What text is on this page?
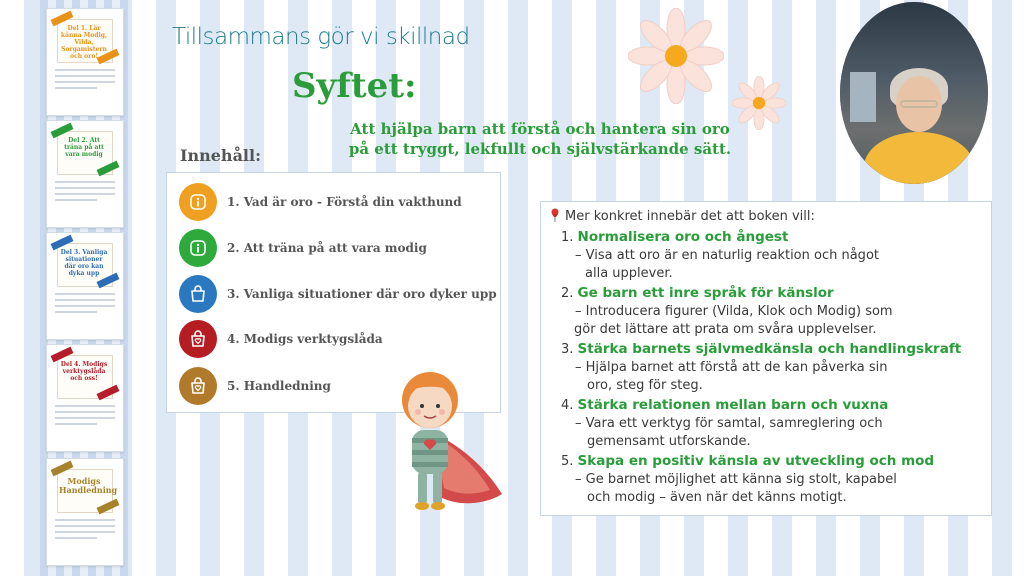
Del 1. Lär känna Modig, Vilda, Sorgamistern och oro!
Del 2. Att träna på att vara modig
Del 3. Vanliga situationer där oro kan dyka upp
Del 4. Modigs verktygslåda och oss!
Modigs Handledning
Tillsammans gör vi skillnad
Syftet:
Att hjälpa barn att förstå och hantera sin oro
på ett tryggt, lekfullt och självstärkande sätt.
Innehåll:
1. Vad är oro - Förstå din vakthund
2. Att träna på att vara modig
3. Vanliga situationer där oro dyker upp
4. Modigs verktygslåda
5. Handledning
Mer konkret innebär det att boken vill:
1. Normalisera oro och ångest
– Visa att oro är en naturlig reaktion och något
alla upplever.
2. Ge barn ett inre språk för känslor
– Introducera figurer (Vilda, Klok och Modig) som
gör det lättare att prata om svåra upplevelser.
3. Stärka barnets självmedkänsla och handlingskraft
– Hjälpa barnet att förstå att de kan påverka sin
oro, steg för steg.
4. Stärka relationen mellan barn och vuxna
– Vara ett verktyg för samtal, samreglering och
gemensamt utforskande.
5. Skapa en positiv känsla av utveckling och mod
– Ge barnet möjlighet att känna sig stolt, kapabel
och modig – även när det känns motigt.
